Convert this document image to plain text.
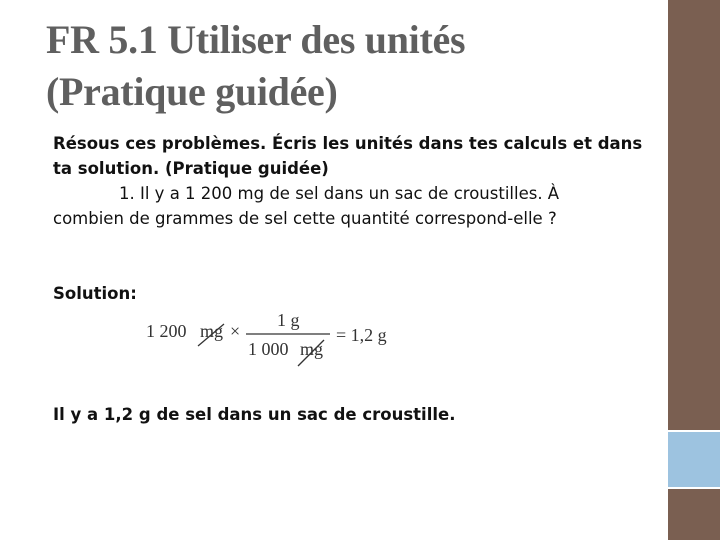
FR 5.1 Utiliser des unités
(Pratique guidée)

Résous ces problèmes. Écris les unités dans tes calculs et dans
ta solution. (Pratique guidée)

1. Il y a 1 200 mg de sel dans un sac de croustilles. À
combien de grammes de sel cette quantité correspond-elle ?

Solution:

1 200 mg ×
1 g
1 000 mg
= 1,2 g

Il y a 1,2 g de sel dans un sac de croustille.
